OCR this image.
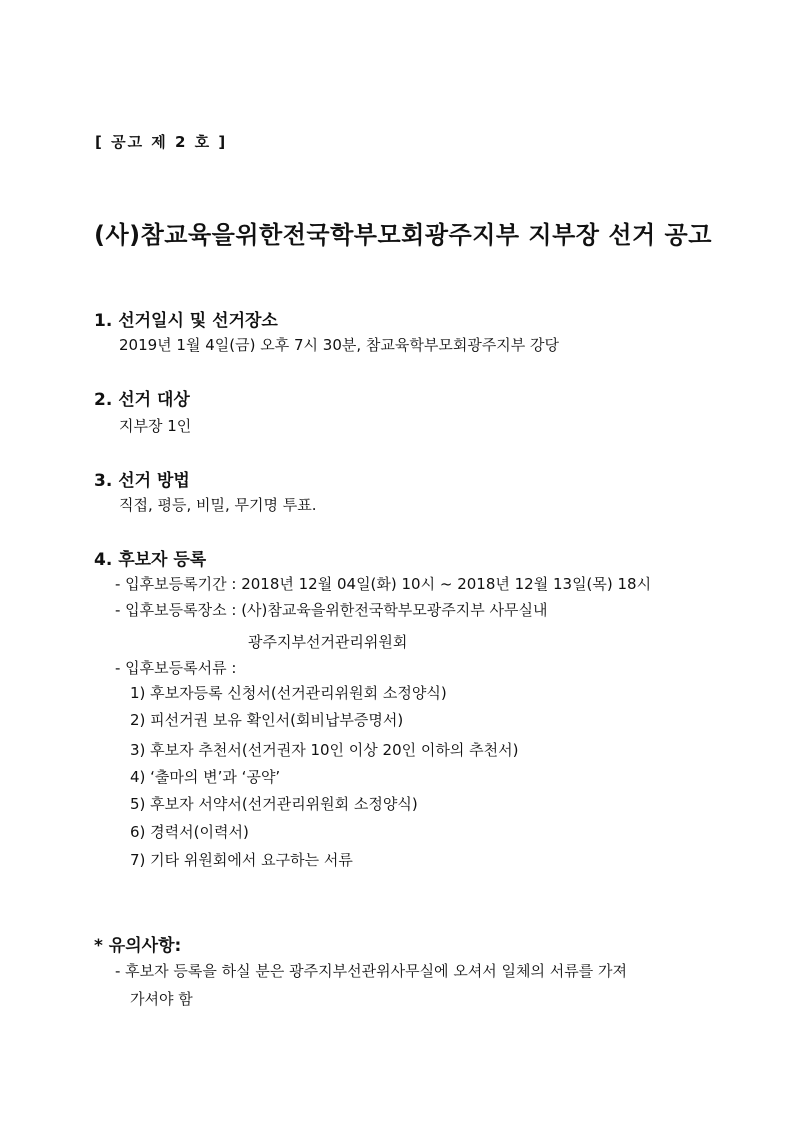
[ 공고 제 2 호 ]
(사)참교육을위한전국학부모회광주지부 지부장 선거 공고
1. 선거일시 및 선거장소
2019년 1월 4일(금) 오후 7시 30분, 참교육학부모회광주지부 강당
2. 선거 대상
지부장 1인
3. 선거 방법
직접, 평등, 비밀, 무기명 투표.
4. 후보자 등록
- 입후보등록기간 : 2018년 12월 04일(화) 10시 ~ 2018년 12월 13일(목) 18시
- 입후보등록장소 : (사)참교육을위한전국학부모광주지부 사무실내
광주지부선거관리위원회
- 입후보등록서류 :
1) 후보자등록 신청서(선거관리위원회 소정양식)
2) 피선거권 보유 확인서(회비납부증명서)
3) 후보자 추천서(선거권자 10인 이상 20인 이하의 추천서)
4) ‘출마의 변’과 ‘공약’
5) 후보자 서약서(선거관리위원회 소정양식)
6) 경력서(이력서)
7) 기타 위원회에서 요구하는 서류
* 유의사항:
- 후보자 등록을 하실 분은 광주지부선관위사무실에 오셔서 일체의 서류를 가져
가셔야 함
